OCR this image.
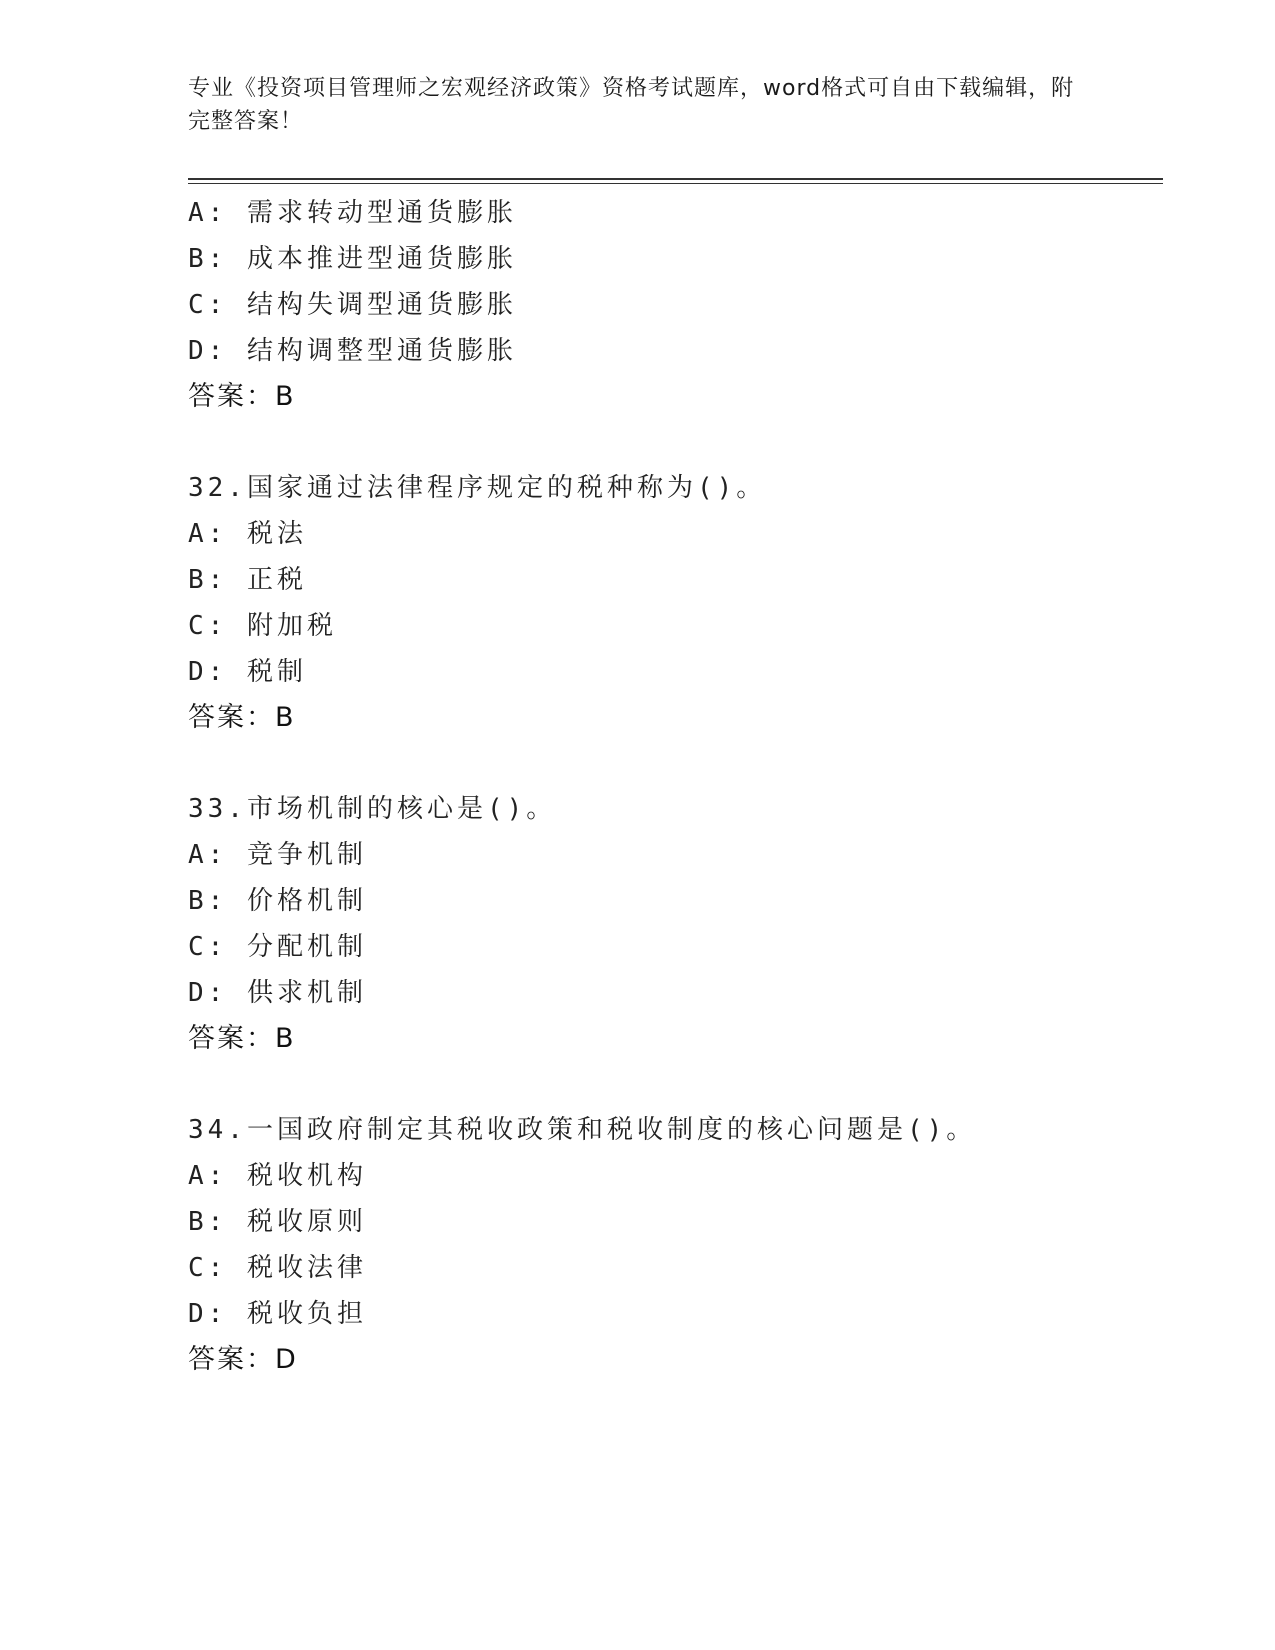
专业《投资项目管理师之宏观经济政策》资格考试题库，word格式可自由下载编辑，附完整答案！
A: 需求转动型通货膨胀
B: 成本推进型通货膨胀
C: 结构失调型通货膨胀
D: 结构调整型通货膨胀
答案：B
32.国家通过法律程序规定的税种称为()。
A: 税法
B: 正税
C: 附加税
D: 税制
答案：B
33.市场机制的核心是()。
A: 竞争机制
B: 价格机制
C: 分配机制
D: 供求机制
答案：B
34.一国政府制定其税收政策和税收制度的核心问题是()。
A: 税收机构
B: 税收原则
C: 税收法律
D: 税收负担
答案：D
